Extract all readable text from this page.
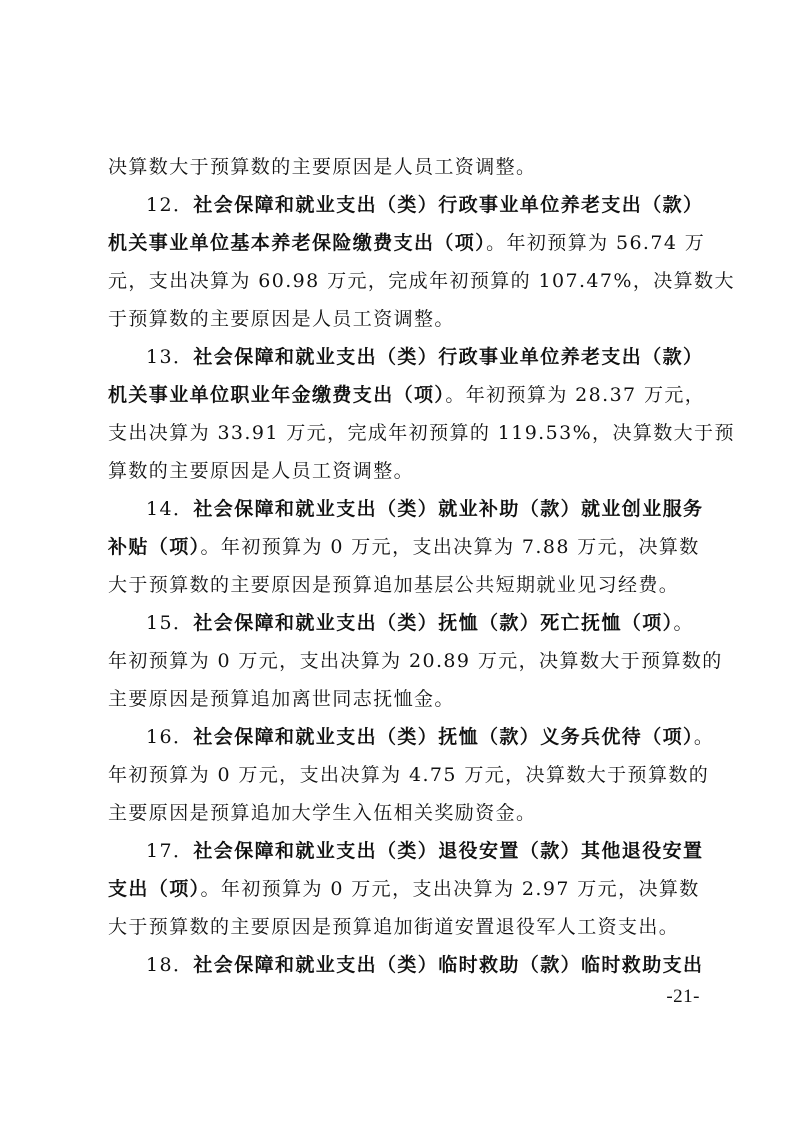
决算数大于预算数的主要原因是人员工资调整。
12．社会保障和就业支出（类）行政事业单位养老支出（款）
机关事业单位基本养老保险缴费支出（项）。年初预算为 56.74 万
元，支出决算为 60.98 万元，完成年初预算的 107.47%，决算数大
于预算数的主要原因是人员工资调整。
13．社会保障和就业支出（类）行政事业单位养老支出（款）
机关事业单位职业年金缴费支出（项）。年初预算为 28.37 万元，
支出决算为 33.91 万元，完成年初预算的 119.53%，决算数大于预
算数的主要原因是人员工资调整。
14．社会保障和就业支出（类）就业补助（款）就业创业服务
补贴（项）。年初预算为 0 万元，支出决算为 7.88 万元，决算数
大于预算数的主要原因是预算追加基层公共短期就业见习经费。
15．社会保障和就业支出（类）抚恤（款）死亡抚恤（项）。
年初预算为 0 万元，支出决算为 20.89 万元，决算数大于预算数的
主要原因是预算追加离世同志抚恤金。
16．社会保障和就业支出（类）抚恤（款）义务兵优待（项）。
年初预算为 0 万元，支出决算为 4.75 万元，决算数大于预算数的
主要原因是预算追加大学生入伍相关奖励资金。
17．社会保障和就业支出（类）退役安置（款）其他退役安置
支出（项）。年初预算为 0 万元，支出决算为 2.97 万元，决算数
大于预算数的主要原因是预算追加街道安置退役军人工资支出。
18．社会保障和就业支出（类）临时救助（款）临时救助支出
-21-
